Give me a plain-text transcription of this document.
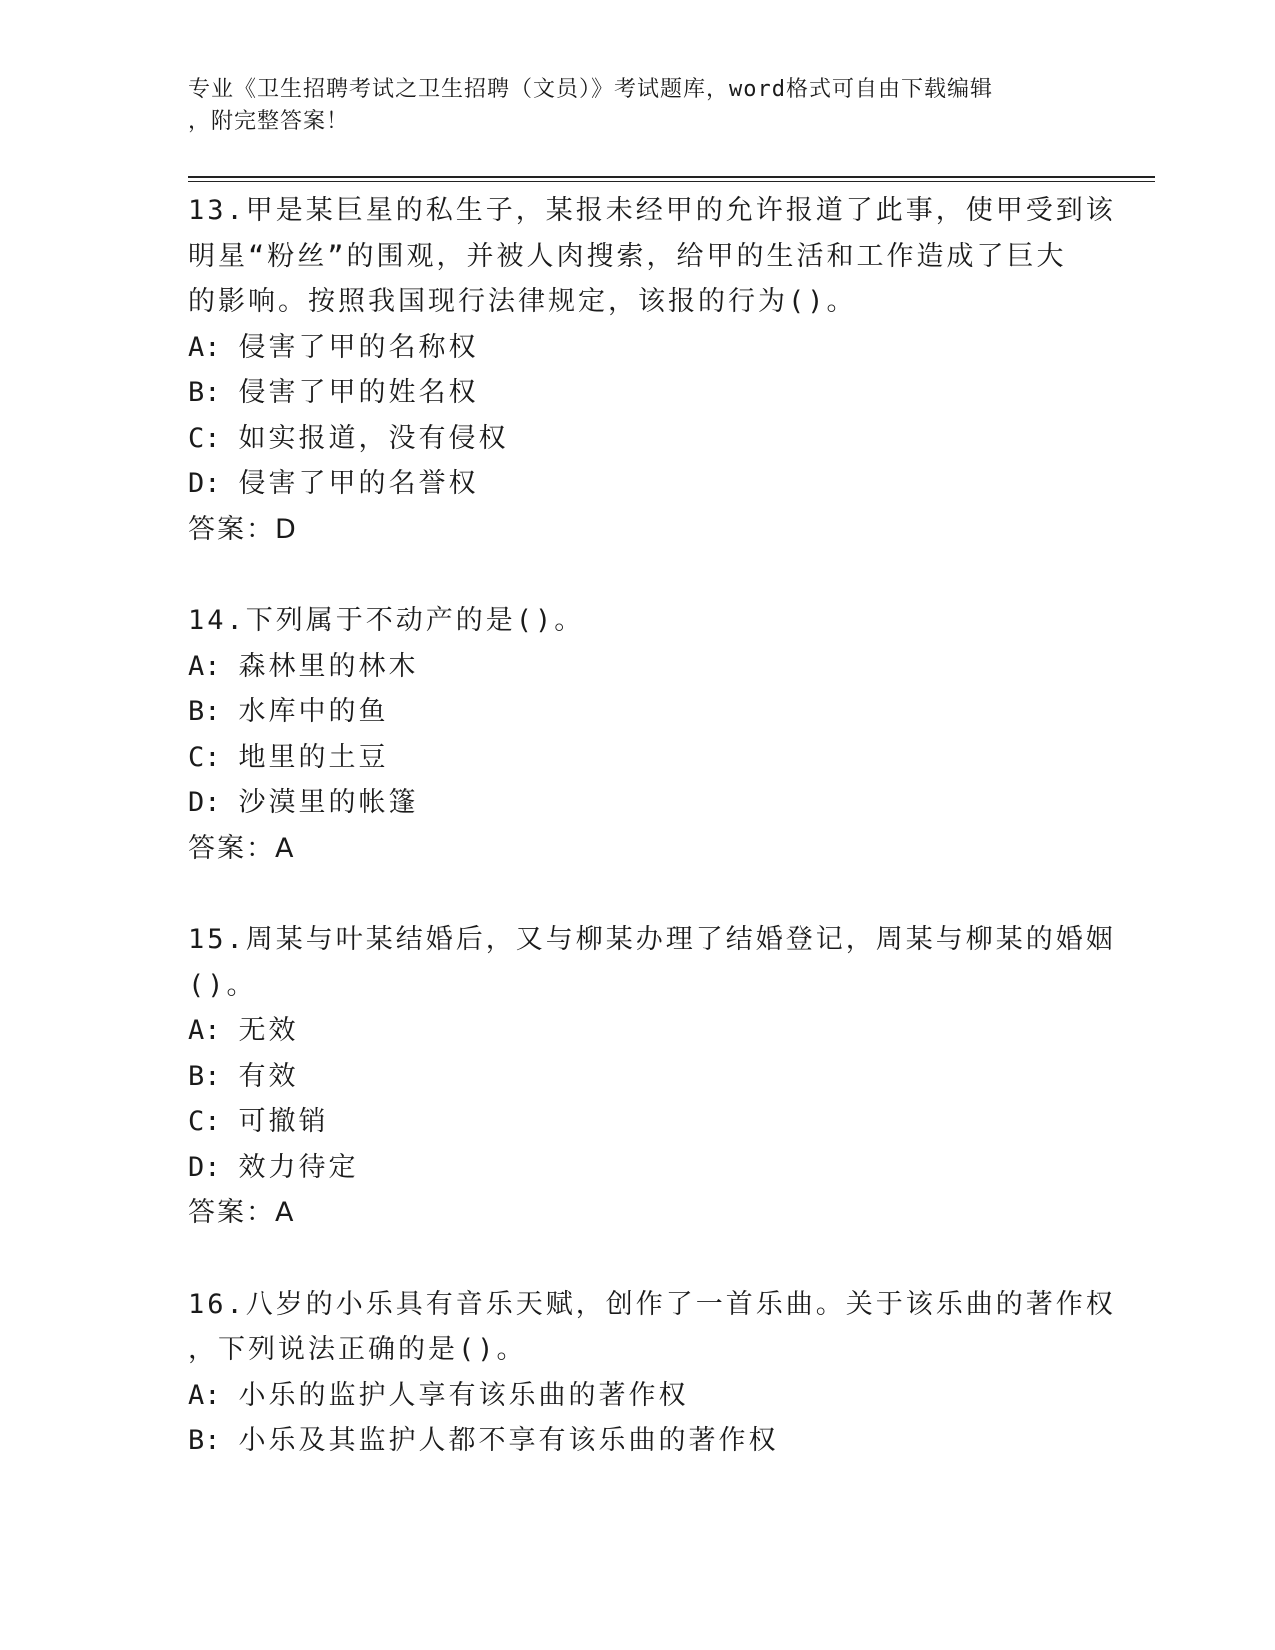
专业《卫生招聘考试之卫生招聘（文员）》考试题库，word格式可自由下载编辑
，附完整答案！
13.甲是某巨星的私生子，某报未经甲的允许报道了此事，使甲受到该
明星“粉丝”的围观，并被人肉搜索，给甲的生活和工作造成了巨大
的影响。按照我国现行法律规定，该报的行为()。
A: 侵害了甲的名称权
B: 侵害了甲的姓名权
C: 如实报道，没有侵权
D: 侵害了甲的名誉权
答案：D
14.下列属于不动产的是()。
A: 森林里的林木
B: 水库中的鱼
C: 地里的土豆
D: 沙漠里的帐篷
答案：A
15.周某与叶某结婚后，又与柳某办理了结婚登记，周某与柳某的婚姻
()。
A: 无效
B: 有效
C: 可撤销
D: 效力待定
答案：A
16.八岁的小乐具有音乐天赋，创作了一首乐曲。关于该乐曲的著作权
，下列说法正确的是()。
A: 小乐的监护人享有该乐曲的著作权
B: 小乐及其监护人都不享有该乐曲的著作权
